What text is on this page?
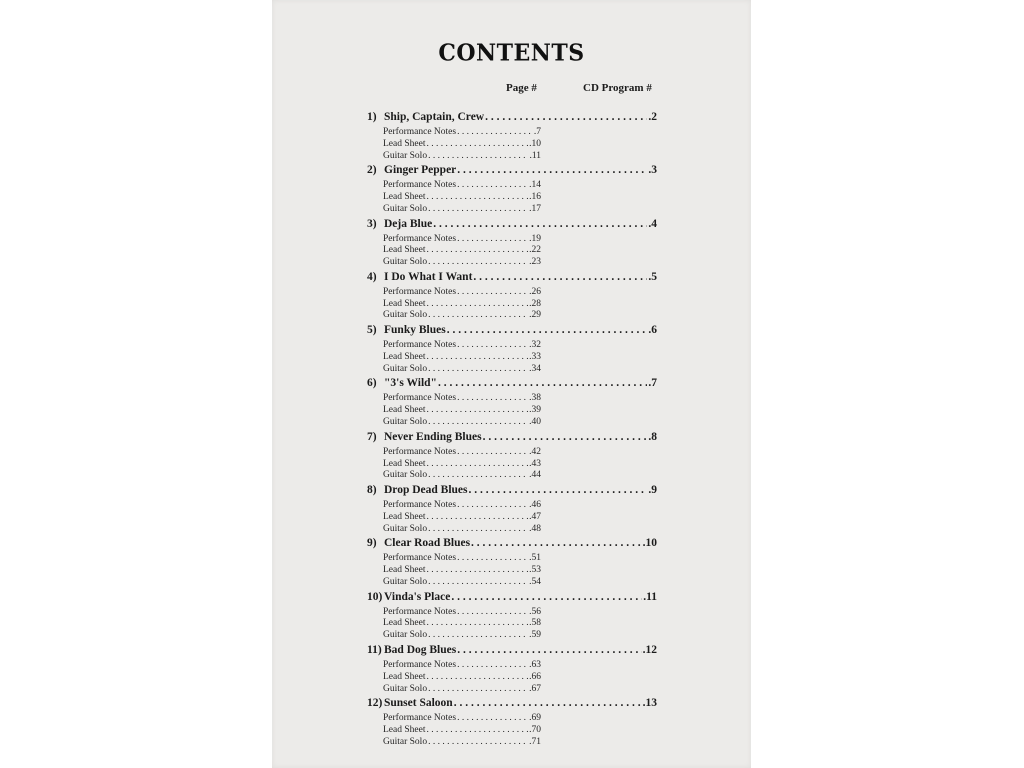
CONTENTS
Page #	CD Program #
1) Ship, Captain, Crew . . .	.2
Performance Notes . . .	.7
Lead Sheet . . .	.10
Guitar Solo . . .	.11
2) Ginger Pepper . . .	.3
Performance Notes . . .	.14
Lead Sheet . . .	.16
Guitar Solo . . .	.17
3) Deja Blue . . .	.4
Performance Notes . . .	.19
Lead Sheet . . .	.22
Guitar Solo . . .	.23
4) I Do What I Want . . .	.5
Performance Notes . . .	.26
Lead Sheet . . .	.28
Guitar Solo . . .	.29
5) Funky Blues . . .	.6
Performance Notes . . .	.32
Lead Sheet . . .	.33
Guitar Solo . . .	.34
6) "3's Wild" . . .	.7
Performance Notes . . .	.38
Lead Sheet . . .	.39
Guitar Solo . . .	.40
7) Never Ending Blues . . .	.8
Performance Notes . . .	.42
Lead Sheet . . .	.43
Guitar Solo . . .	.44
8) Drop Dead Blues . . .	.9
Performance Notes . . .	.46
Lead Sheet . . .	.47
Guitar Solo . . .	.48
9) Clear Road Blues . . .	.10
Performance Notes . . .	.51
Lead Sheet . . .	.53
Guitar Solo . . .	.54
10) Vinda's Place . . .	.11
Performance Notes . . .	.56
Lead Sheet . . .	.58
Guitar Solo . . .	.59
11) Bad Dog Blues . . .	.12
Performance Notes . . .	.63
Lead Sheet . . .	.66
Guitar Solo . . .	.67
12) Sunset Saloon . . .	.13
Performance Notes . . .	.69
Lead Sheet . . .	.70
Guitar Solo . . .	.71
